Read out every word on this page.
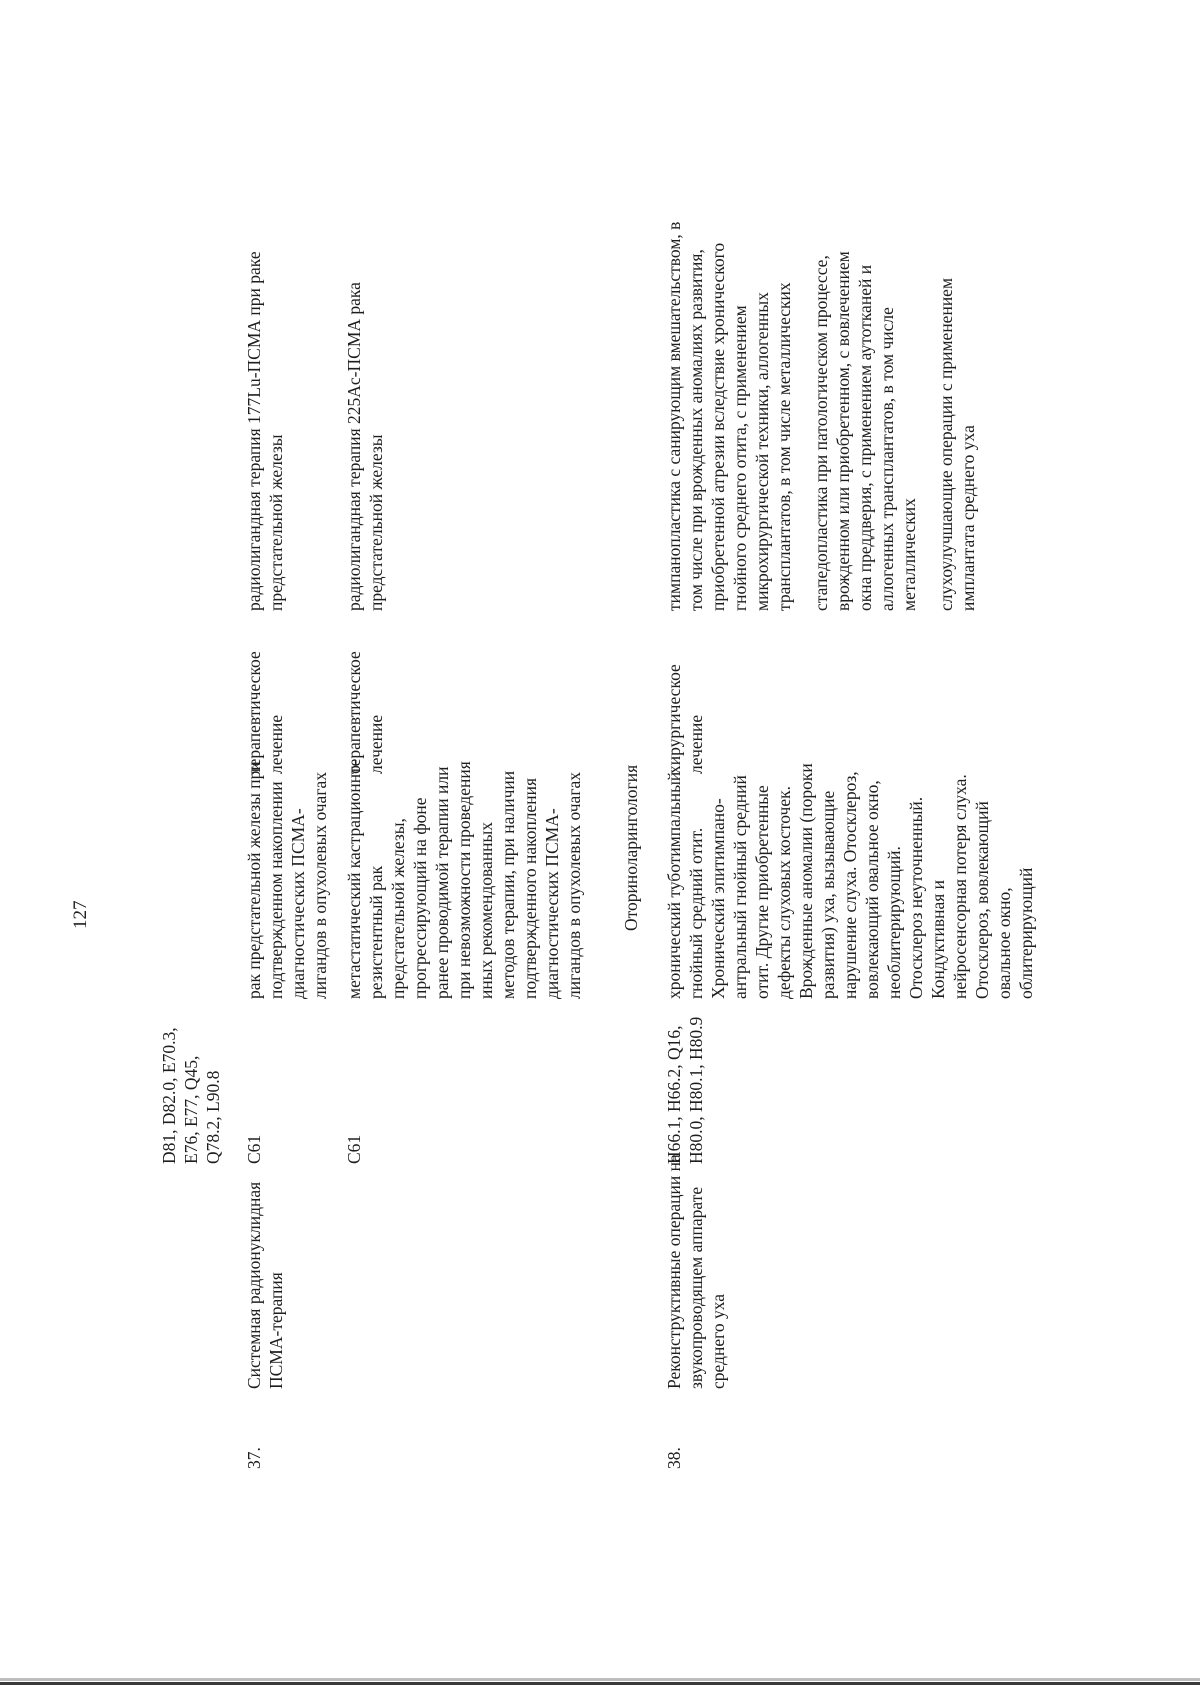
127

D81, D82.0, E70.3, E76, E77, Q45, Q78.2, L90.8

37.

Системная радионуклидная ПСМА-терапия

C61

рак предстательной железы при подтвержденном накоплении диагностических ПСМА- лигандов в опухолевых очагах

терапевтическое лечение

радиолигандная терапия 177Lu-ПСМА при раке предстательной железы

C61

метастатический кастрационно- резистентный рак предстательной железы, прогрессирующий на фоне ранее проводимой терапии или при невозможности проведения иных рекомендованных методов терапии, при наличии подтвержденного накопления диагностических ПСМА- лигандов в опухолевых очагах

терапевтическое лечение

радиолигандная терапия 225Ac-ПСМА рака предстательной железы

Оториноларингология

38.

Реконструктивные операции на звукопроводящем аппарате среднего уха

H66.1, H66.2, Q16, H80.0, H80.1, H80.9

хронический туботимпальный гнойный средний отит. Хронический эпитимпано- антральный гнойный средний отит. Другие приобретенные дефекты слуховых косточек. Врожденные аномалии (пороки развития) уха, вызывающие нарушение слуха. Отосклероз, вовлекающий овальное окно, необлитерирующий. Отосклероз неуточненный. Кондуктивная и нейросенсорная потеря слуха. Отосклероз, вовлекающий овальное окно, облитерирующий

хирургическое лечение

тимпанопластика с санирующим вмешательством, в том числе при врожденных аномалиях развития, приобретенной атрезии вследствие хронического гнойного среднего отита, с применением микрохирургической техники, аллогенных трансплантатов, в том числе металлических стапедопластика при патологическом процессе, врожденном или приобретенном, с вовлечением окна преддверия, с применением аутотканей и аллогенных трансплантатов, в том числе металлических слухоулучшающие операции с применением имплантата среднего уха
